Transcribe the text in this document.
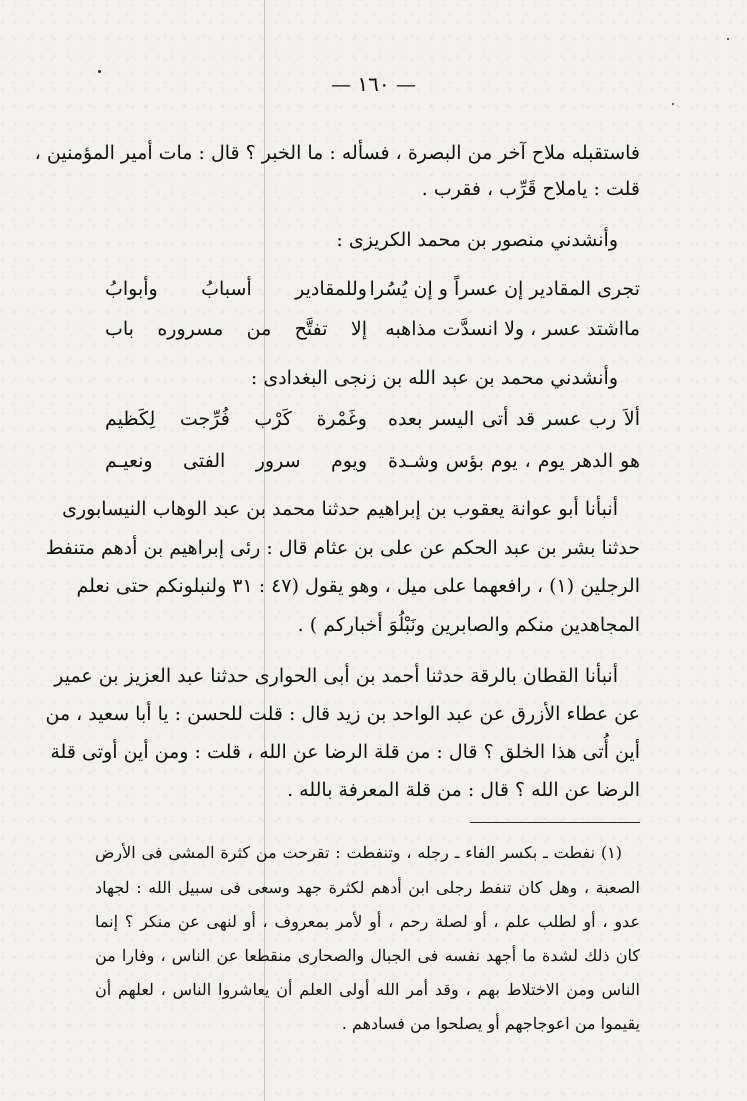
— ١٦٠ —
فاستقبله ملاح آخر من البصرة ، فسأله : ما الخبر ؟ قال : مات أمير المؤمنين ،
قلت : ياملاح قَرِّب ، فقرب .
وأنشدني منصور بن محمد الكريزى :
تجرى المقادير إن عسراً و إن يُسُرا
وللمقادير أسبابُ وأبوابُ
مااشتد عسر ، ولا انسدَّت مذاهبه
إلا تفتَّح من مسروره باب
وأنشدني محمد بن عبد الله بن زنجى البغدادى :
ألاَ رب عسر قد أتى اليسر بعده
وغَمْرة كَرْب فُرِّجت لِكَظيم
هو الدهر يوم ، يوم بؤس وشـدة
ويوم سرور الفتى ونعيـم
أنبأنا أبو عوانة يعقوب بن إبراهيم حدثنا محمد بن عبد الوهاب النيسابورى
حدثنا بشر بن عبد الحكم عن على بن عثام قال : رئى إبراهيم بن أدهم متنفط
الرجلين (١) ، رافعهما على ميل ، وهو يقول (٤٧ : ٣١ ولنبلونكم حتى نعلم
المجاهدين منكم والصابرين ونَبْلُوَ أخباركم ) .
أنبأنا القطان بالرقة حدثنا أحمد بن أبى الحوارى حدثنا عبد العزيز بن عمير
عن عطاء الأزرق عن عبد الواحد بن زيد قال : قلت للحسن : يا أبا سعيد ، من
أين أُتى هذا الخلق ؟ قال : من قلة الرضا عن الله ، قلت : ومن أين أوتى قلة
الرضا عن الله ؟ قال : من قلة المعرفة بالله .
(١) نفطت ـ بكسر الفاء ـ رجله ، وتنفطت : تقرحت من كثرة المشى فى الأرض
الصعبة ، وهل كان تنفط رجلى ابن أدهم لكثرة جهد وسعى فى سبيل الله : لجهاد
عدو ، أو لطلب علم ، أو لصلة رحم ، أو لأمر بمعروف ، أو لنهى عن منكر ؟ إنما
كان ذلك لشدة ما أجهد نفسه فى الجبال والصحارى منقطعا عن الناس ، وفارا من
الناس ومن الاختلاط بهم ، وقد أمر الله أولى العلم أن يعاشروا الناس ، لعلهم أن
يقيموا من اعوجاجهم أو يصلحوا من فسادهم .
